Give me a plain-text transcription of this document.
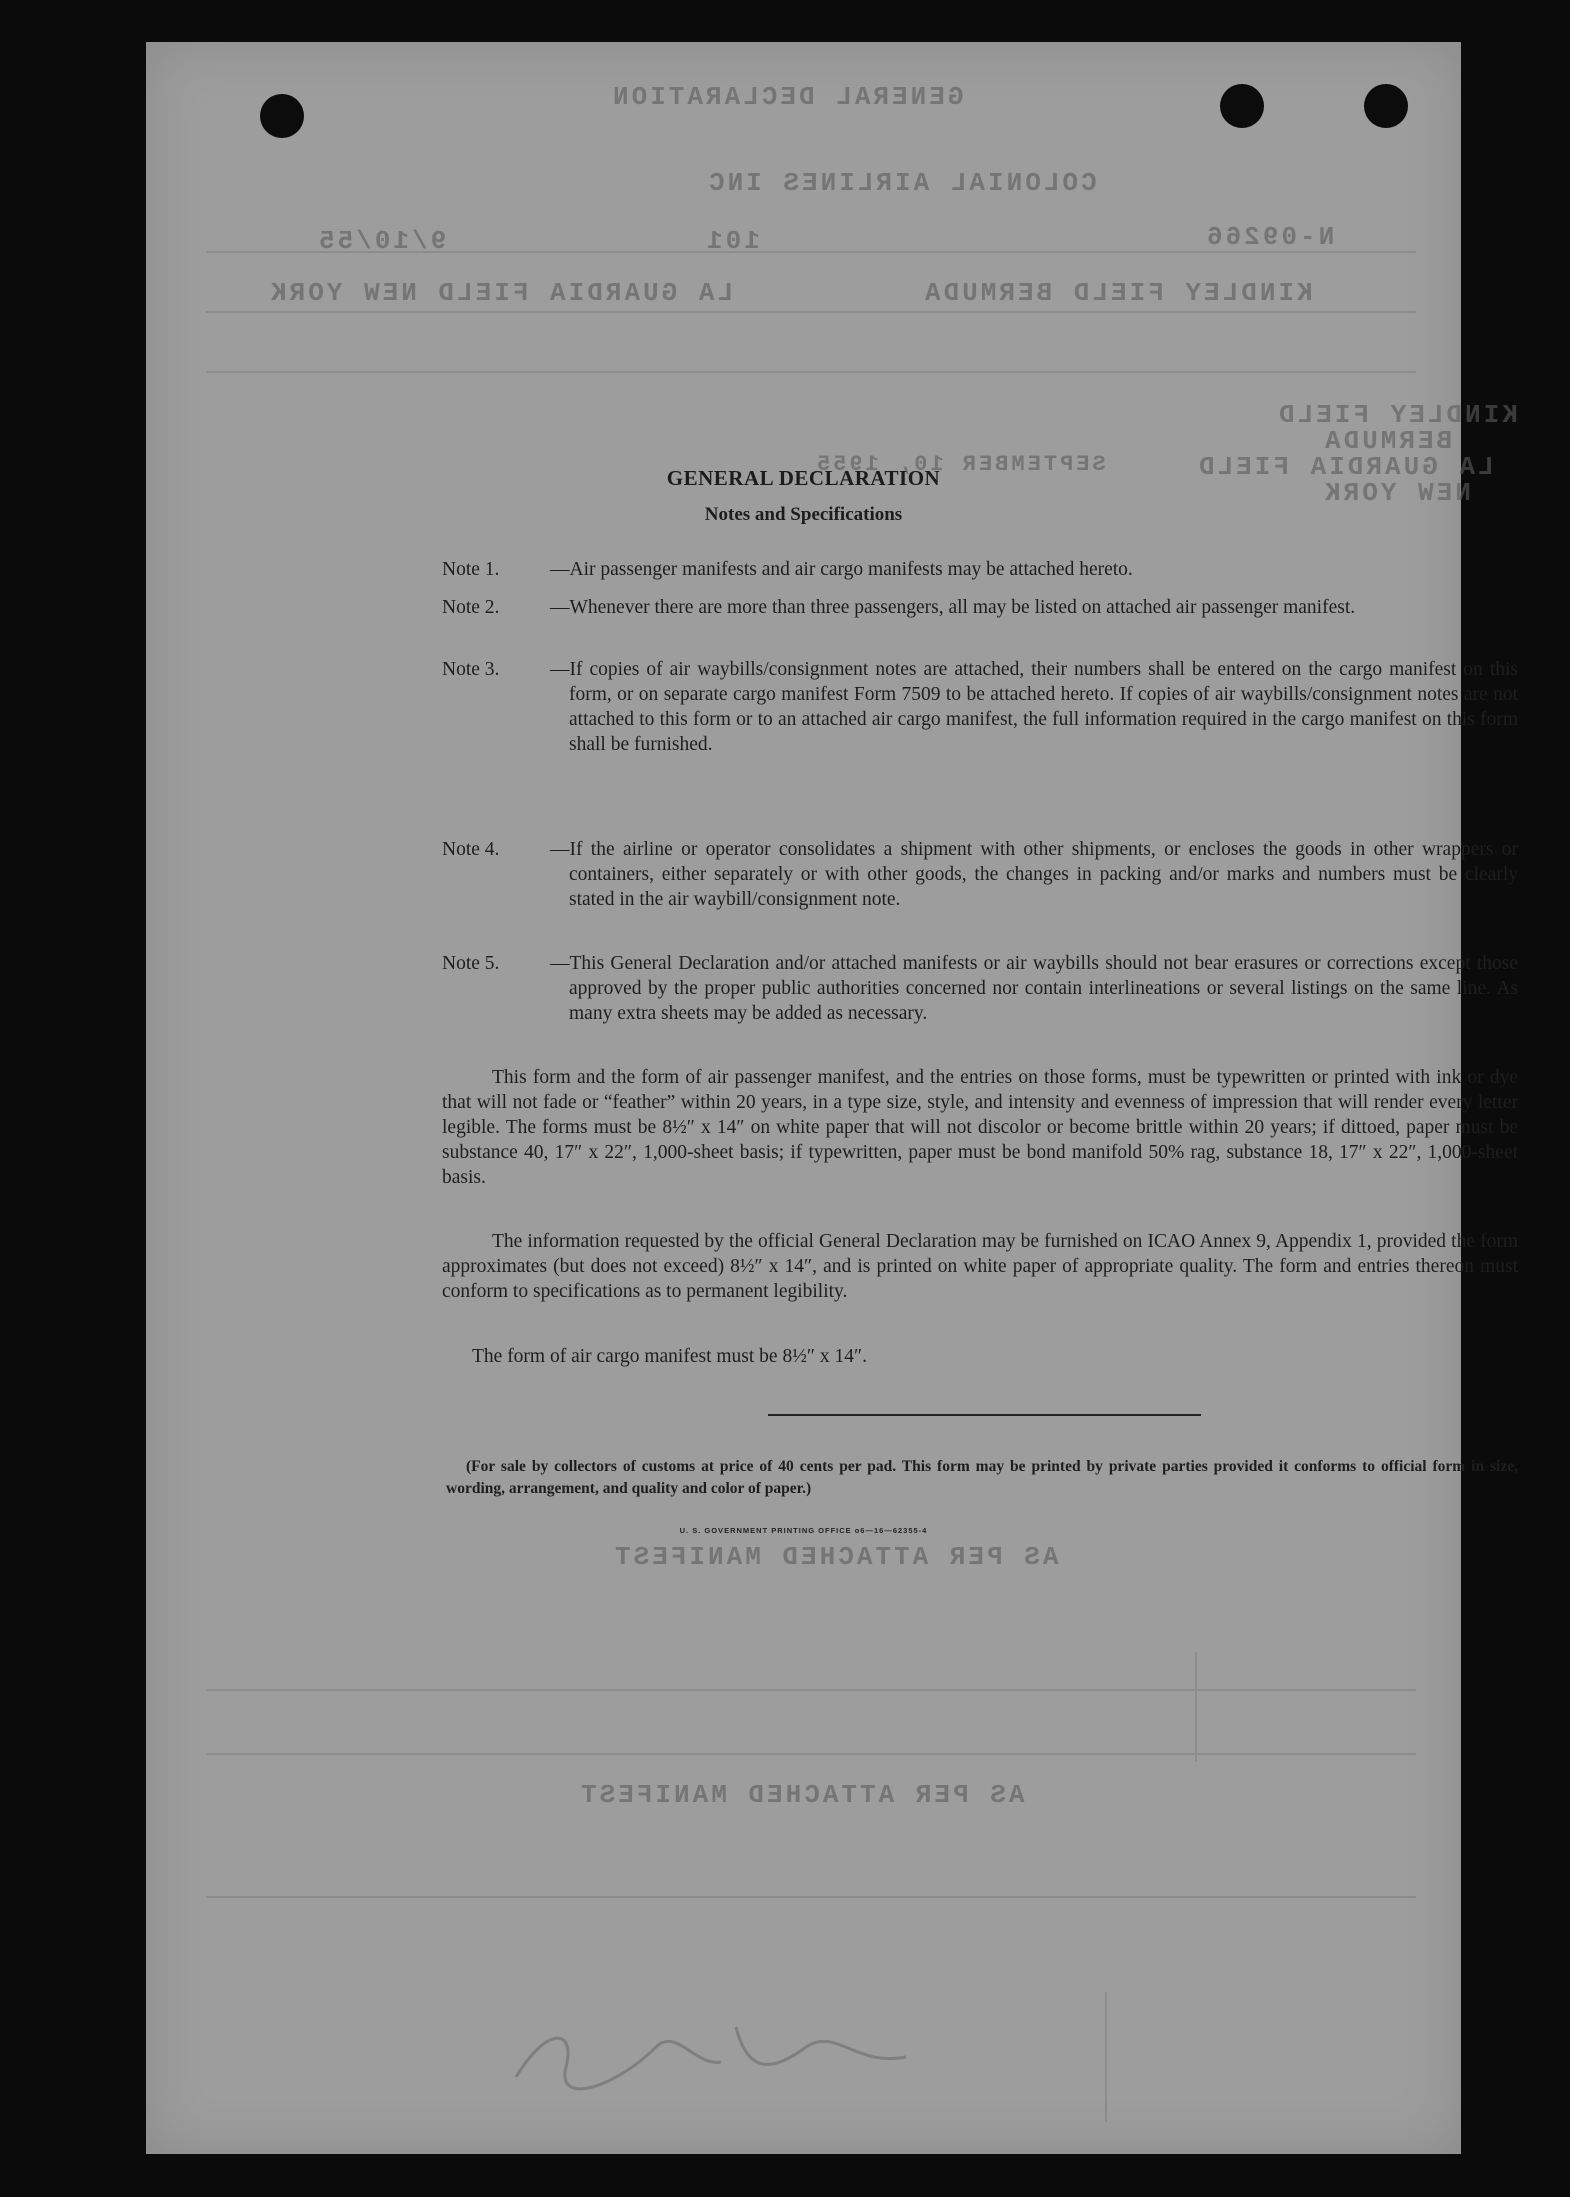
GENERAL DECLARATION
COLONIAL AIRLINES INC
N-09266
101
9/10/55
KINDLEY FIELD BERMUDA
LA GUARDIA FIELD NEW YORK
KINDLEY FIELD
BERMUDA
LA GUARDIA FIELD
NEW YORK
SEPTEMBER 10, 1955
AS PER ATTACHED MANIFEST
AS PER ATTACHED MANIFEST
GENERAL DECLARATION
Notes and Specifications
Note 1.	—Air passenger manifests and air cargo manifests may be attached hereto.
Note 2.	—Whenever there are more than three passengers, all may be listed on attached air passenger manifest.
Note 3.	—If copies of air waybills/consignment notes are attached, their numbers shall be entered on the cargo manifest on this form, or on separate cargo manifest Form 7509 to be attached hereto. If copies of air waybills/consignment notes are not attached to this form or to an attached air cargo manifest, the full information required in the cargo manifest on this form shall be furnished.
Note 4.	—If the airline or operator consolidates a shipment with other shipments, or encloses the goods in other wrappers or containers, either separately or with other goods, the changes in packing and/or marks and numbers must be clearly stated in the air waybill/consignment note.
Note 5.	—This General Declaration and/or attached manifests or air waybills should not bear erasures or corrections except those approved by the proper public authorities concerned nor contain interlineations or several listings on the same line. As many extra sheets may be added as necessary.
This form and the form of air passenger manifest, and the entries on those forms, must be typewritten or printed with ink or dye that will not fade or “feather” within 20 years, in a type size, style, and intensity and evenness of impression that will render every letter legible. The forms must be 8½″ x 14″ on white paper that will not discolor or become brittle within 20 years; if dittoed, paper must be substance 40, 17″ x 22″, 1,000-sheet basis; if typewritten, paper must be bond manifold 50% rag, substance 18, 17″ x 22″, 1,000-sheet basis.
The information requested by the official General Declaration may be furnished on ICAO Annex 9, Appendix 1, provided the form approximates (but does not exceed) 8½″ x 14″, and is printed on white paper of appropriate quality. The form and entries thereon must conform to specifications as to permanent legibility.
The form of air cargo manifest must be 8½″ x 14″.
(For sale by collectors of customs at price of 40 cents per pad. This form may be printed by private parties provided it conforms to official form in size, wording, arrangement, and quality and color of paper.)
U. S. GOVERNMENT PRINTING OFFICE o6—16—62355-4
